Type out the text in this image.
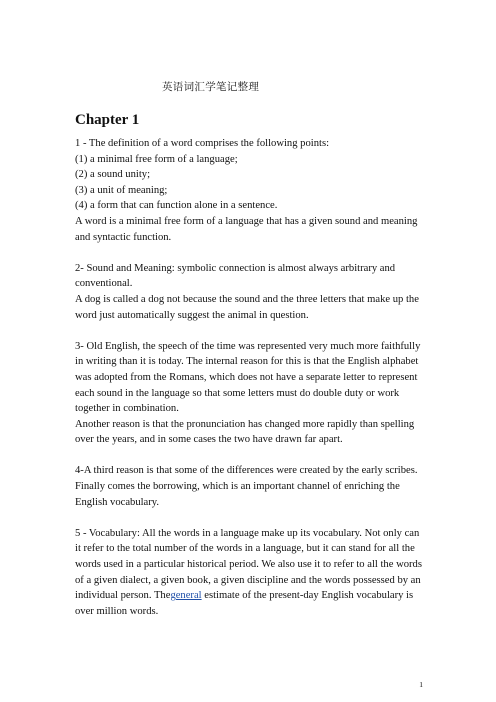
英语词汇学笔记整理
Chapter 1

1 - The definition of a word comprises the following points:

(1) a minimal free form of a language;

(2) a sound unity;

(3) a unit of meaning;

(4) a form that can function alone in a sentence.

A word is a minimal free form of a language that has a given sound and meaning and syntactic function.

2- Sound and Meaning: symbolic connection is almost always arbitrary and conventional.

A dog is called a dog not because the sound and the three letters that make up the word just automatically suggest the animal in question.

3- Old English, the speech of the time was represented very much more faithfully in writing than it is today. The internal reason for this is that the English alphabet was adopted from the Romans, which does not have a separate letter to represent each sound in the language so that some letters must do double duty or work together in combination.

Another reason is that the pronunciation has changed more rapidly than spelling over the years, and in some cases the two have drawn far apart.

4-A third reason is that some of the differences were created by the early scribes. Finally comes the borrowing, which is an important channel of enriching the English vocabulary.

5 - Vocabulary: All the words in a language make up its vocabulary. Not only can it refer to the total number of the words in a language, but it can stand for all the words used in a particular historical period. We also use it to refer to all the words of a given dialect, a given book, a given discipline and the words possessed by an individual person. Thegeneral estimate of the present-day English vocabulary is over million words.

1
